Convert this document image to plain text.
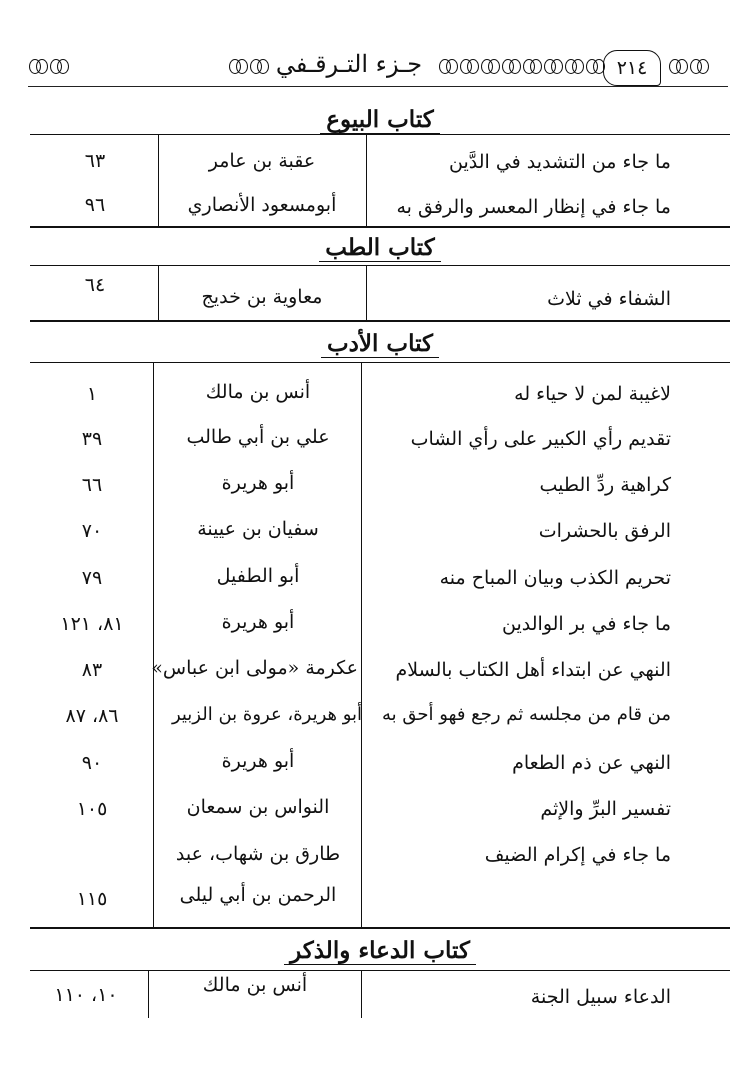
جـزء التـرقـفي	٢١٤
كتاب البيوع
ما جاء من التشديد في الدَّين
عقبة بن عامر
٦٣
ما جاء في إنظار المعسر والرفق به
أبومسعود الأنصاري
٩٦
كتاب الطب
الشفاء في ثلاث
معاوية بن خديج
٦٤
كتاب الأدب
لاغيبة لمن لا حياء له
أنس بن مالك
١
تقديم رأي الكبير على رأي الشاب
علي بن أبي طالب
٣٩
كراهية ردِّ الطيب
أبو هريرة
٦٦
الرفق بالحشرات
سفيان بن عيينة
٧٠
تحريم الكذب وبيان المباح منه
أبو الطفيل
٧٩
ما جاء في بر الوالدين
أبو هريرة
٨١، ١٢١
النهي عن ابتداء أهل الكتاب بالسلام
عكرمة «مولى ابن عباس»
٨٣
من قام من مجلسه ثم رجع فهو أحق به
أبو هريرة، عروة بن الزبير
٨٦، ٨٧
النهي عن ذم الطعام
أبو هريرة
٩٠
تفسير البرِّ والإثم
النواس بن سمعان
١٠٥
ما جاء في إكرام الضيف
طارق بن شهاب، عبد
الرحمن بن أبي ليلى
١١٥
كتاب الدعاء والذكر
الدعاء سبيل الجنة
أنس بن مالك
١٠، ١١٠
